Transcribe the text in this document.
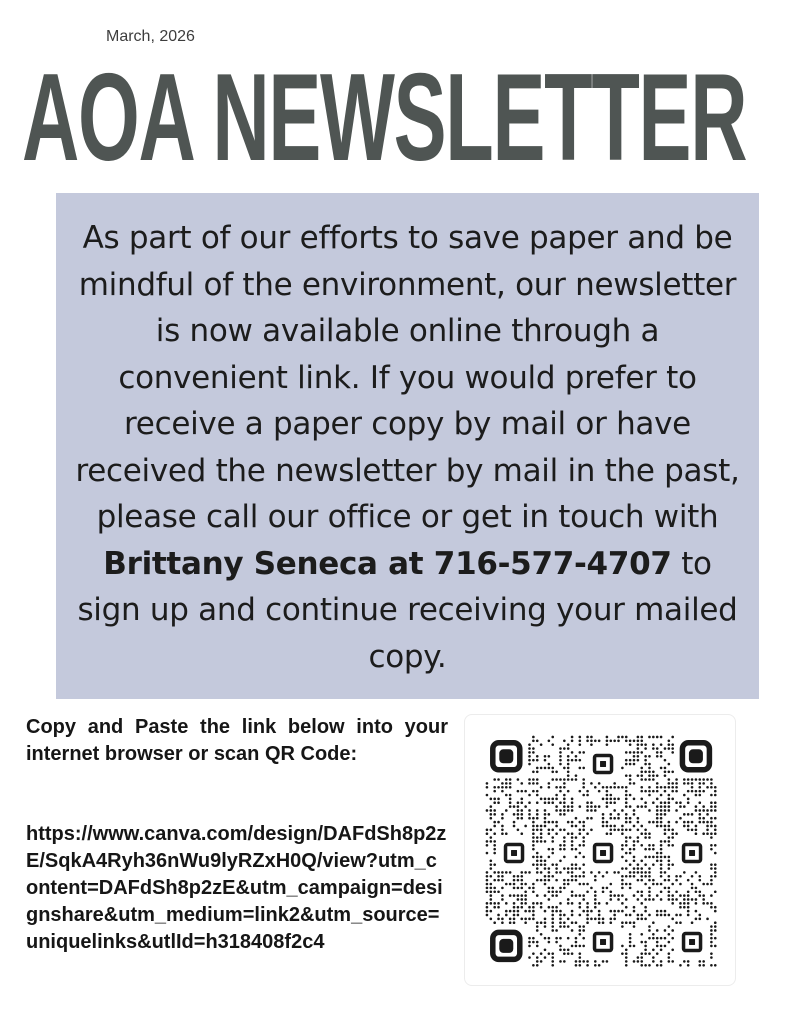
March, 2026
AOA NEWSLETTER

As part of our efforts to save paper and be mindful of the environment, our newsletter is now available online through a convenient link. If you would prefer to receive a paper copy by mail or have received the newsletter by mail in the past, please call our office or get in touch with Brittany Seneca at 716-577-4707 to sign up and continue receiving your mailed copy.

Copy and Paste the link below into your internet browser or scan QR Code:

https://www.canva.com/design/DAFdSh8p2zE/SqkA4Ryh36nWu9lyRZxH0Q/view?utm_content=DAFdSh8p2zE&utm_campaign=designshare&utm_medium=link2&utm_source=uniquelinks&utlId=h318408f2c4
